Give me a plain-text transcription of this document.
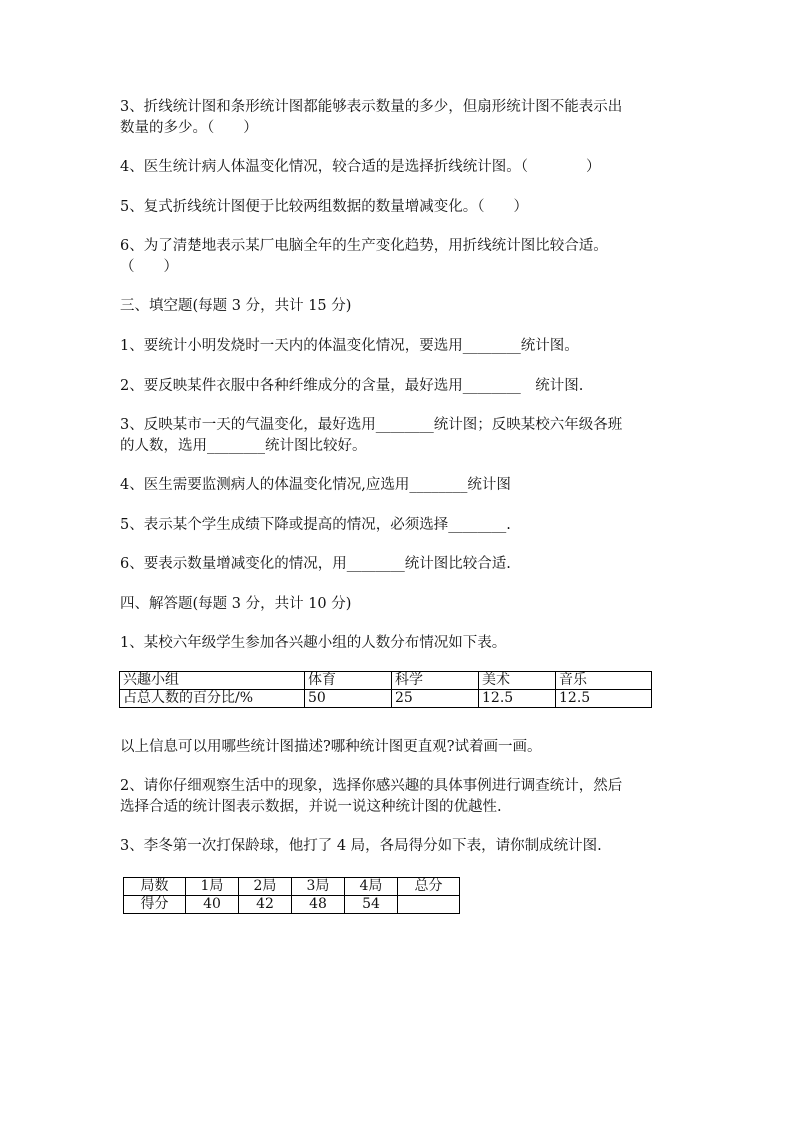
3、折线统计图和条形统计图都能够表示数量的多少，但扇形统计图不能表示出
数量的多少。（　　）
4、医生统计病人体温变化情况，较合适的是选择折线统计图。（　　　　）
5、复式折线统计图便于比较两组数据的数量增减变化。（　　）
6、为了清楚地表示某厂电脑全年的生产变化趋势，用折线统计图比较合适。
（　　）
三、填空题(每题 3 分，共计 15 分)
1、要统计小明发烧时一天内的体温变化情况，要选用________统计图。
2、要反映某件衣服中各种纤维成分的含量，最好选用________　统计图.
3、反映某市一天的气温变化，最好选用________统计图；反映某校六年级各班
的人数，选用________统计图比较好。
4、医生需要监测病人的体温变化情况,应选用________统计图
5、表示某个学生成绩下降或提高的情况，必须选择________.
6、要表示数量增减变化的情况，用________统计图比较合适.
四、解答题(每题 3 分，共计 10 分)
1、某校六年级学生参加各兴趣小组的人数分布情况如下表。
兴趣小组	体育	科学	美术	音乐
占总人数的百分比/%	50	25	12.5	12.5
以上信息可以用哪些统计图描述?哪种统计图更直观?试着画一画。
2、请你仔细观察生活中的现象，选择你感兴趣的具体事例进行调查统计，然后
选择合适的统计图表示数据，并说一说这种统计图的优越性.
3、李冬第一次打保龄球，他打了 4 局，各局得分如下表，请你制成统计图.
局数	1局	2局	3局	4局	总分
得分	40	42	48	54	
